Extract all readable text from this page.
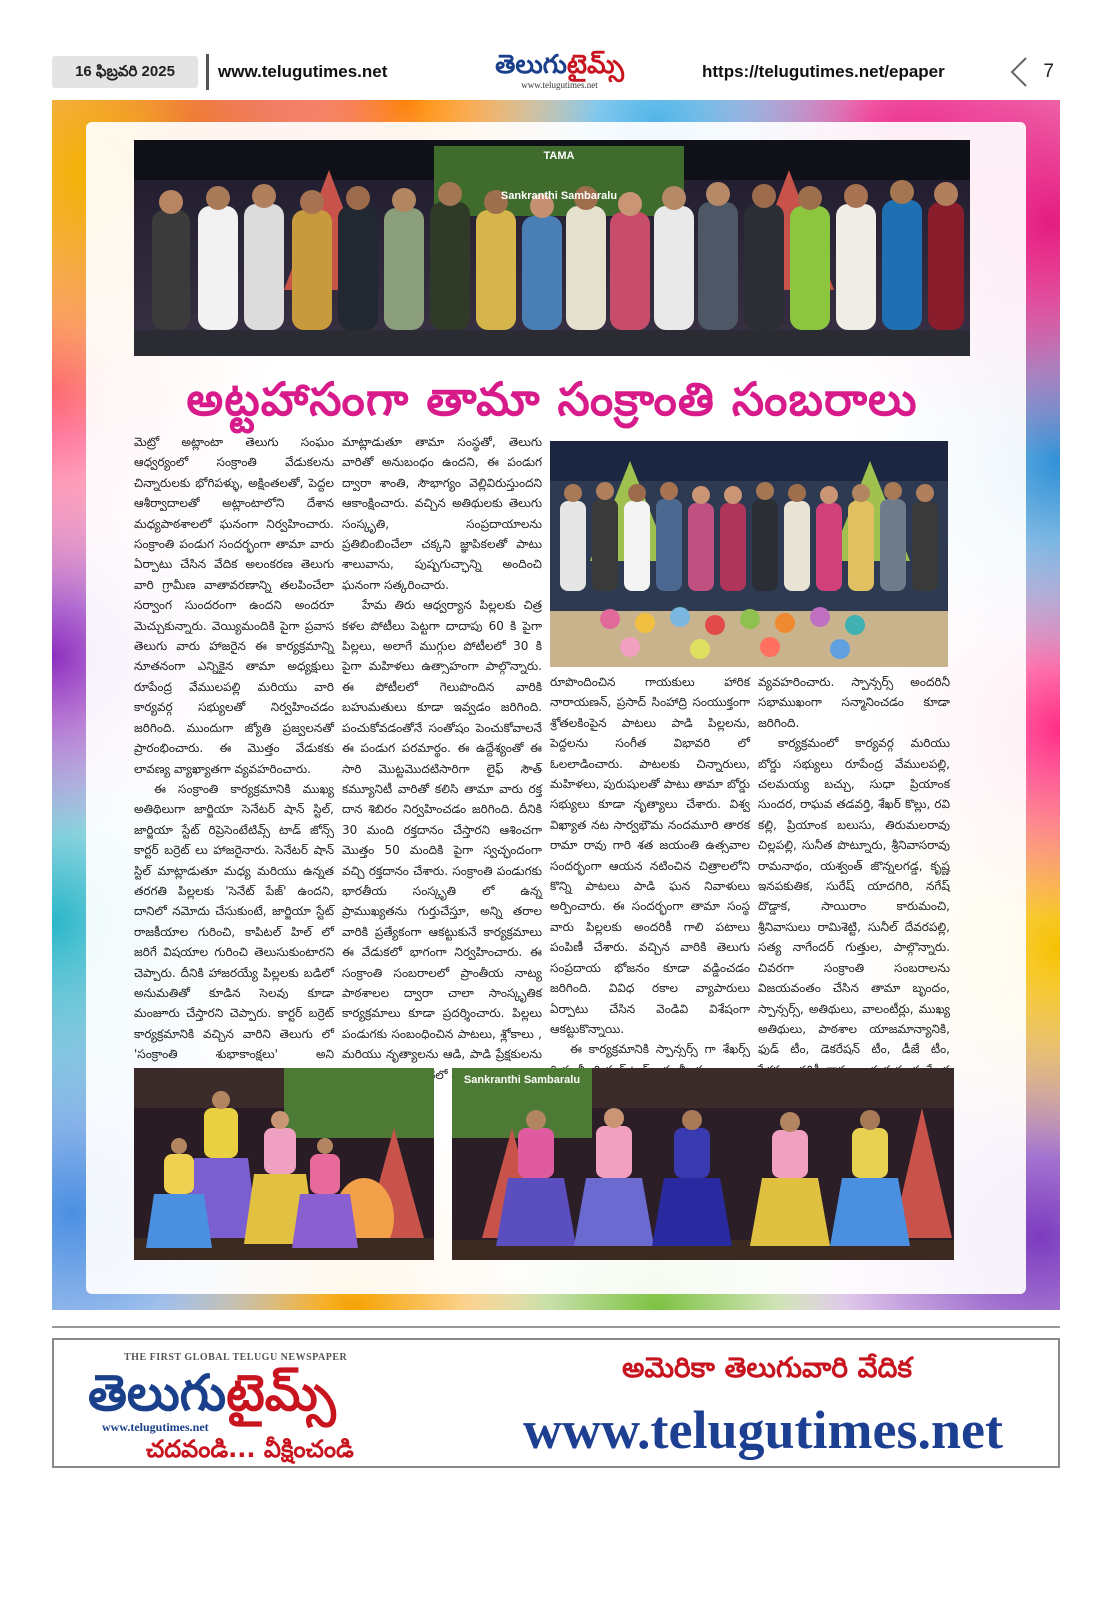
16 ఫిబ్రవరి 2025	www.telugutimes.net	తెలుగుటైమ్స్
www.telugutimes.net
https://telugutimes.net/epaper	7
TAMA
Sankranthi Sambaralu
అట్టహాసంగా తామా సంక్రాంతి సంబరాలు

మెట్రో అట్లాంటా తెలుగు సంఘం ఆధ్వర్యంలో సంక్రాంతి వేడుకలను చిన్నారులకు భోగిపళ్ళు, అక్షింతలతో, పెద్దల ఆశీర్వాదాలతో అట్లాంటాలోని దేశాన మధ్యపాఠశాలలో ఘనంగా నిర్వహించారు. సంక్రాంతి పండుగ సందర్భంగా తామా వారు ఏర్పాటు చేసిన వేదిక అలంకరణ తెలుగు వారి గ్రామీణ వాతావరణాన్ని తలపించేలా సర్వాంగ సుందరంగా ఉందని అందరూ మెచ్చుకున్నారు. వెయ్యిమందికి పైగా ప్రవాస తెలుగు వారు హాజరైన ఈ కార్యక్రమాన్ని నూతనంగా ఎన్నికైన తామా అధ్యక్షులు రూపేంద్ర వేములపల్లి మరియు వారి కార్యవర్గ సభ్యులతో నిర్వహించడం జరిగింది. ముందుగా జ్యోతి ప్రజ్వలనతో ప్రారంభించారు. ఈ మొత్తం వేడుకకు లావణ్య వ్యాఖ్యాతగా వ్యవహరించారు.

ఈ సంక్రాంతి కార్యక్రమానికి ముఖ్య అతిథిలుగా జార్జియా సెనేటర్ షాన్ స్టిల్, జార్జియా స్టేట్ రిప్రెసెంటేటివ్స్ టాడ్ జోన్స్ కార్టర్ బర్రెట్ లు హాజరైనారు. సెనేటర్ షాన్ స్టిల్ మాట్లాడుతూ మధ్య మరియు ఉన్నత తరగతి పిల్లలకు 'సెనేట్ పేజ్' ఉందని, దానిలో నమోదు చేసుకుంటే, జార్జియా స్టేట్ రాజకీయాల గురించి, కాపిటల్ హిల్ లో జరిగే విషయాల గురించి తెలుసుకుంటారని చెప్పారు. దీనికి హాజరయ్యే పిల్లలకు బడిలో అనుమతితో కూడిన సెలవు కూడా మంజూరు చేస్తారని చెప్పారు. కార్టర్ బర్రెట్ కార్యక్రమానికి వచ్చిన వారిని తెలుగు లో 'సంక్రాంతి శుభాకాంక్షలు' అని

మాట్లాడుతూ తామా సంస్థతో, తెలుగు వారితో అనుబంధం ఉందని, ఈ పండుగ ద్వారా శాంతి, సౌభాగ్యం వెల్లివిరుస్తుందని ఆకాంక్షించారు. వచ్చిన అతిథులకు తెలుగు సంస్కృతి, సంప్రదాయాలను ప్రతిబింబించేలా చక్కని జ్ఞాపికలతో పాటు శాలువాను, పుష్పగుచ్ఛాన్ని అందించి ఘనంగా సత్కరించారు.

హేమ తిరు ఆధ్వర్యాన పిల్లలకు చిత్ర కళల పోటీలు పెట్టగా దాదాపు 60 కి పైగా పిల్లలు, అలాగే ముగ్గుల పోటీలలో 30 కి పైగా మహిళలు ఉత్సాహంగా పాల్గొన్నారు. ఈ పోటీలలో గెలుపొందిన వారికి బహుమతులు కూడా ఇవ్వడం జరిగింది. పంచుకోవడంతోనే సంతోషం పెంచుకోవాలనే ఈ పండుగ పరమార్థం. ఈ ఉద్దేశ్యంతో ఈ సారి మొట్టమొదటిసారిగా లైఫ్ సౌత్ కమ్యూనిటీ వారితో కలిసి తామా వారు రక్త దాన శిబిరం నిర్వహించడం జరిగింది. దీనికి 30 మంది రక్తదానం చేస్తారని ఆశించగా మొత్తం 50 మందికి పైగా స్వచ్ఛందంగా వచ్చి రక్తదానం చేశారు. సంక్రాంతి పండుగకు భారతీయ సంస్కృతి లో ఉన్న ప్రాముఖ్యతను గుర్తుచేస్తూ, అన్ని తరాల వారికి ప్రత్యేకంగా ఆకట్టుకునే కార్యక్రమాలు ఈ వేడుకలో భాగంగా నిర్వహించారు. ఈ సంక్రాంతి సంబరాలలో ప్రాంతీయ నాట్య పాఠశాలల ద్వారా చాలా సాంస్కృతిక కార్యక్రమాలు కూడా ప్రదర్శించారు. పిల్లలు పండుగకు సంబంధించిన పాటలు, శ్లోకాలు , మరియు నృత్యాలను ఆడి, పాడి ప్రేక్షకులను

రూపొందించిన గాయకులు హారిక నారాయణన్, ప్రసాద్ సింహాద్రి సంయుక్తంగా శ్రోతలకింపైన పాటలు పాడి పిల్లలను, పెద్దలను సంగీత విభావరి లో ఓలలాడించారు. పాటలకు చిన్నారులు, మహిళలు, పురుషులతో పాటు తామా బోర్డు సభ్యులు కూడా నృత్యాలు చేశారు. విశ్వ విఖ్యాత నట సార్వభౌమ నందమూరి తారక రామా రావు గారి శత జయంతి ఉత్సవాల సందర్భంగా ఆయన నటించిన చిత్రాలలోని కొన్ని పాటలు పాడి ఘన నివాళులు అర్పించారు. ఈ సందర్భంగా తామా సంస్థ వారు పిల్లలకు అందరికీ గాలి పటాలు పంపిణీ చేశారు. వచ్చిన వారికి తెలుగు సంప్రదాయ భోజనం కూడా వడ్డించడం జరిగింది. వివిధ రకాల వ్యాపారులు ఏర్పాటు చేసిన వెండివి విశేషంగా ఆకట్టుకొన్నాయి.

ఈ కార్యక్రమానికి స్పాన్సర్స్ గా శేఖర్స్

వ్యవహరించారు. స్పాన్సర్స్ అందరినీ సభాముఖంగా సన్మానించడం కూడా జరిగింది.

కార్యక్రమంలో కార్యవర్గ మరియు బోర్డు సభ్యులు రూపేంద్ర వేములపల్లి, చలమయ్య బచ్చు, సుధా ప్రియాంక సుందర, రాఘవ తడవర్తి, శేఖర్ కొల్లు, రవి కల్లి, ప్రియాంక బలుసు, తిరుమలరావు చిల్లపల్లి, సునీత పొట్నూరు, శ్రీనివాసరావు రామనాథం, యశ్వంత్ జొన్నలగడ్డ, కృష్ణ ఇనపకుతిక, సురేష్ యాదగిరి, నగేష్ దొడ్డాక, సాయిరాం కారుమంచి, శ్రీనివాసులు రామిశెట్టి, సునీల్ దేవరపల్లి, సత్య నాగేందర్ గుత్తుల, పాల్గొన్నారు. చివరగా సంక్రాంతి సంబరాలను విజయవంతం చేసిన తామా బృందం, స్పాన్సర్స్, అతిథులు, వాలంటీర్లు, ముఖ్య అతిథులు, పాఠశాల యాజమాన్యానికి, ఫుడ్ టీం, డెకరేషన్ టీం, డీజే టీం,

Sankranthi Sambaralu
THE FIRST GLOBAL TELUGU NEWSPAPER
తెలుగుటైమ్స్
www.telugutimes.net
చదవండి... వీక్షించండి
అమెరికా తెలుగువారి వేదిక
www.telugutimes.net
